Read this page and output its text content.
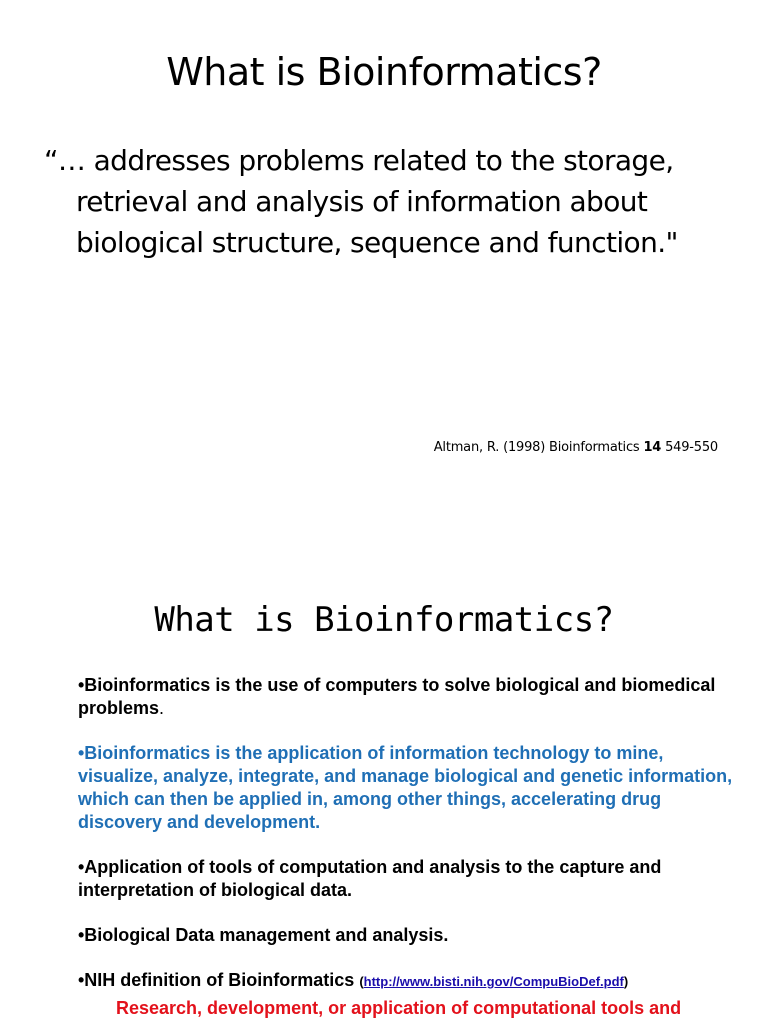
What is Bioinformatics?
“… addresses problems related to the storage,
retrieval and analysis of information about
biological structure, sequence and function."
Altman, R. (1998) Bioinformatics 14 549-550
What is Bioinformatics?
•Bioinformatics is the use of computers to solve biological and biomedical problems.
•Bioinformatics is the application of information technology to mine, visualize, analyze, integrate, and manage biological and genetic information, which can then be applied in, among other things, accelerating drug discovery and development.
•Application of tools of computation and analysis to the capture and interpretation of biological data.
•Biological Data management and analysis.
•NIH definition of Bioinformatics (http://www.bisti.nih.gov/CompuBioDef.pdf)
Research, development, or application of computational tools and
